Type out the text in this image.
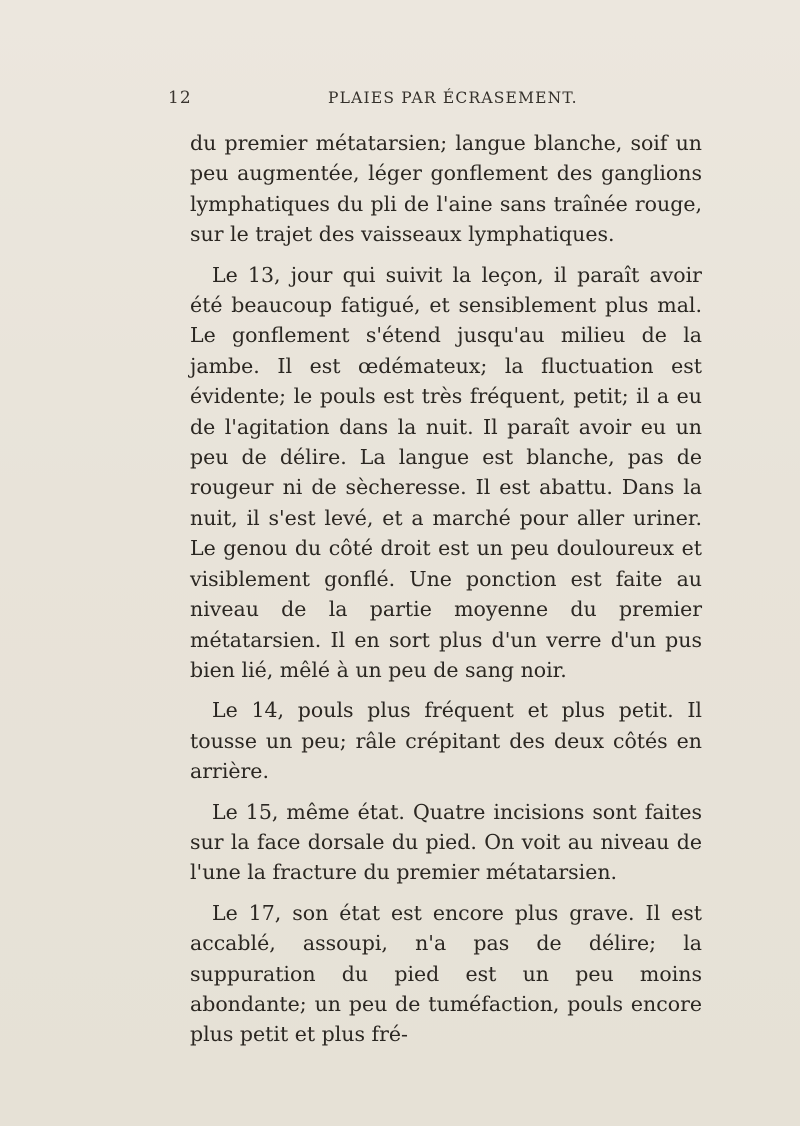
12	PLAIES PAR ÉCRASEMENT.

du premier métatarsien; langue blanche, soif un peu augmentée, léger gonflement des ganglions lymphatiques du pli de l'aine sans traînée rouge, sur le trajet des vaisseaux lymphatiques.

Le 13, jour qui suivit la leçon, il paraît avoir été beaucoup fatigué, et sensiblement plus mal. Le gonflement s'étend jusqu'au milieu de la jambe. Il est œdémateux; la fluctuation est évidente; le pouls est très fréquent, petit; il a eu de l'agitation dans la nuit. Il paraît avoir eu un peu de délire. La langue est blanche, pas de rougeur ni de sècheresse. Il est abattu. Dans la nuit, il s'est levé, et a marché pour aller uriner. Le genou du côté droit est un peu douloureux et visiblement gonflé. Une ponction est faite au niveau de la partie moyenne du premier métatarsien. Il en sort plus d'un verre d'un pus bien lié, mêlé à un peu de sang noir.

Le 14, pouls plus fréquent et plus petit. Il tousse un peu; râle crépitant des deux côtés en arrière.

Le 15, même état. Quatre incisions sont faites sur la face dorsale du pied. On voit au niveau de l'une la fracture du premier métatarsien.

Le 17, son état est encore plus grave. Il est accablé, assoupi, n'a pas de délire; la suppuration du pied est un peu moins abondante; un peu de tuméfaction, pouls encore plus petit et plus fré-
